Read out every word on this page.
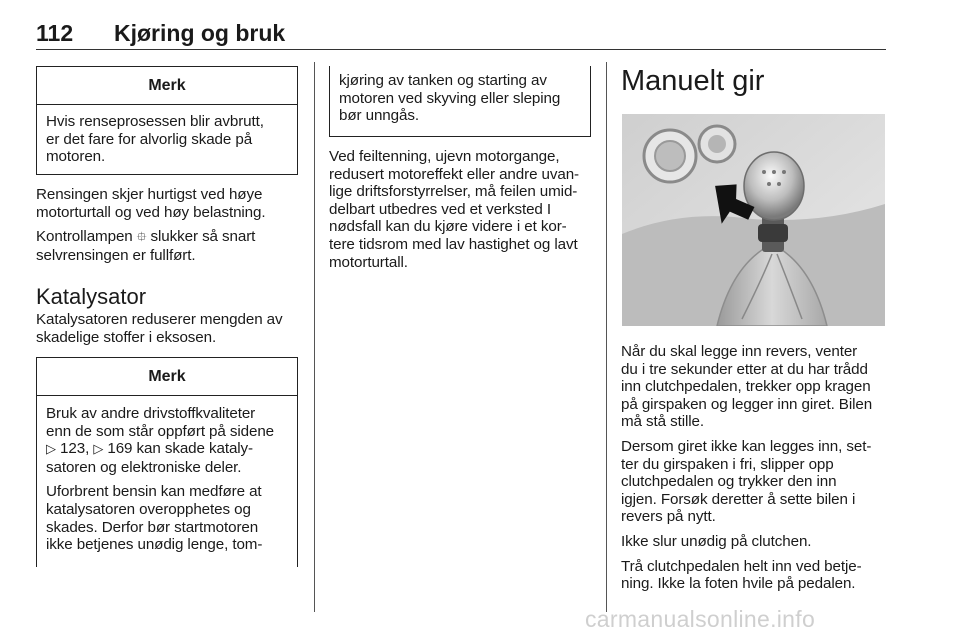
112 Kjøring og bruk
Merk
Hvis renseprosessen blir avbrutt,
er det fare for alvorlig skade på
motoren.
Rensingen skjer hurtigst ved høye
motorturtall og ved høy belastning.
Kontrollampen ⯐ slukker så snart
selvrensingen er fullført.
Katalysator
Katalysatoren reduserer mengden av
skadelige stoffer i eksosen.
Merk
Bruk av andre drivstoffkvaliteter
enn de som står oppført på sidene
▷ 123, ▷ 169 kan skade kataly-
satoren og elektroniske deler.
Uforbrent bensin kan medføre at
katalysatoren overopphetes og
skades. Derfor bør startmotoren
ikke betjenes unødig lenge, tom-
kjøring av tanken og starting av
motoren ved skyving eller sleping
bør unngås.
Ved feiltenning, ujevn motorgange,
redusert motoreffekt eller andre uvan-
lige driftsforstyrrelser, må feilen umid-
delbart utbedres ved et verksted I
nødsfall kan du kjøre videre i et kor-
tere tidsrom med lav hastighet og lavt
motorturtall.
Manuelt gir
Når du skal legge inn revers, venter
du i tre sekunder etter at du har trådd
inn clutchpedalen, trekker opp kragen
på girspaken og legger inn giret. Bilen
må stå stille.
Dersom giret ikke kan legges inn, set-
ter du girspaken i fri, slipper opp
clutchpedalen og trykker den inn
igjen. Forsøk deretter å sette bilen i
revers på nytt.
Ikke slur unødig på clutchen.
Trå clutchpedalen helt inn ved betje-
ning. Ikke la foten hvile på pedalen.
carmanualsonline.info
